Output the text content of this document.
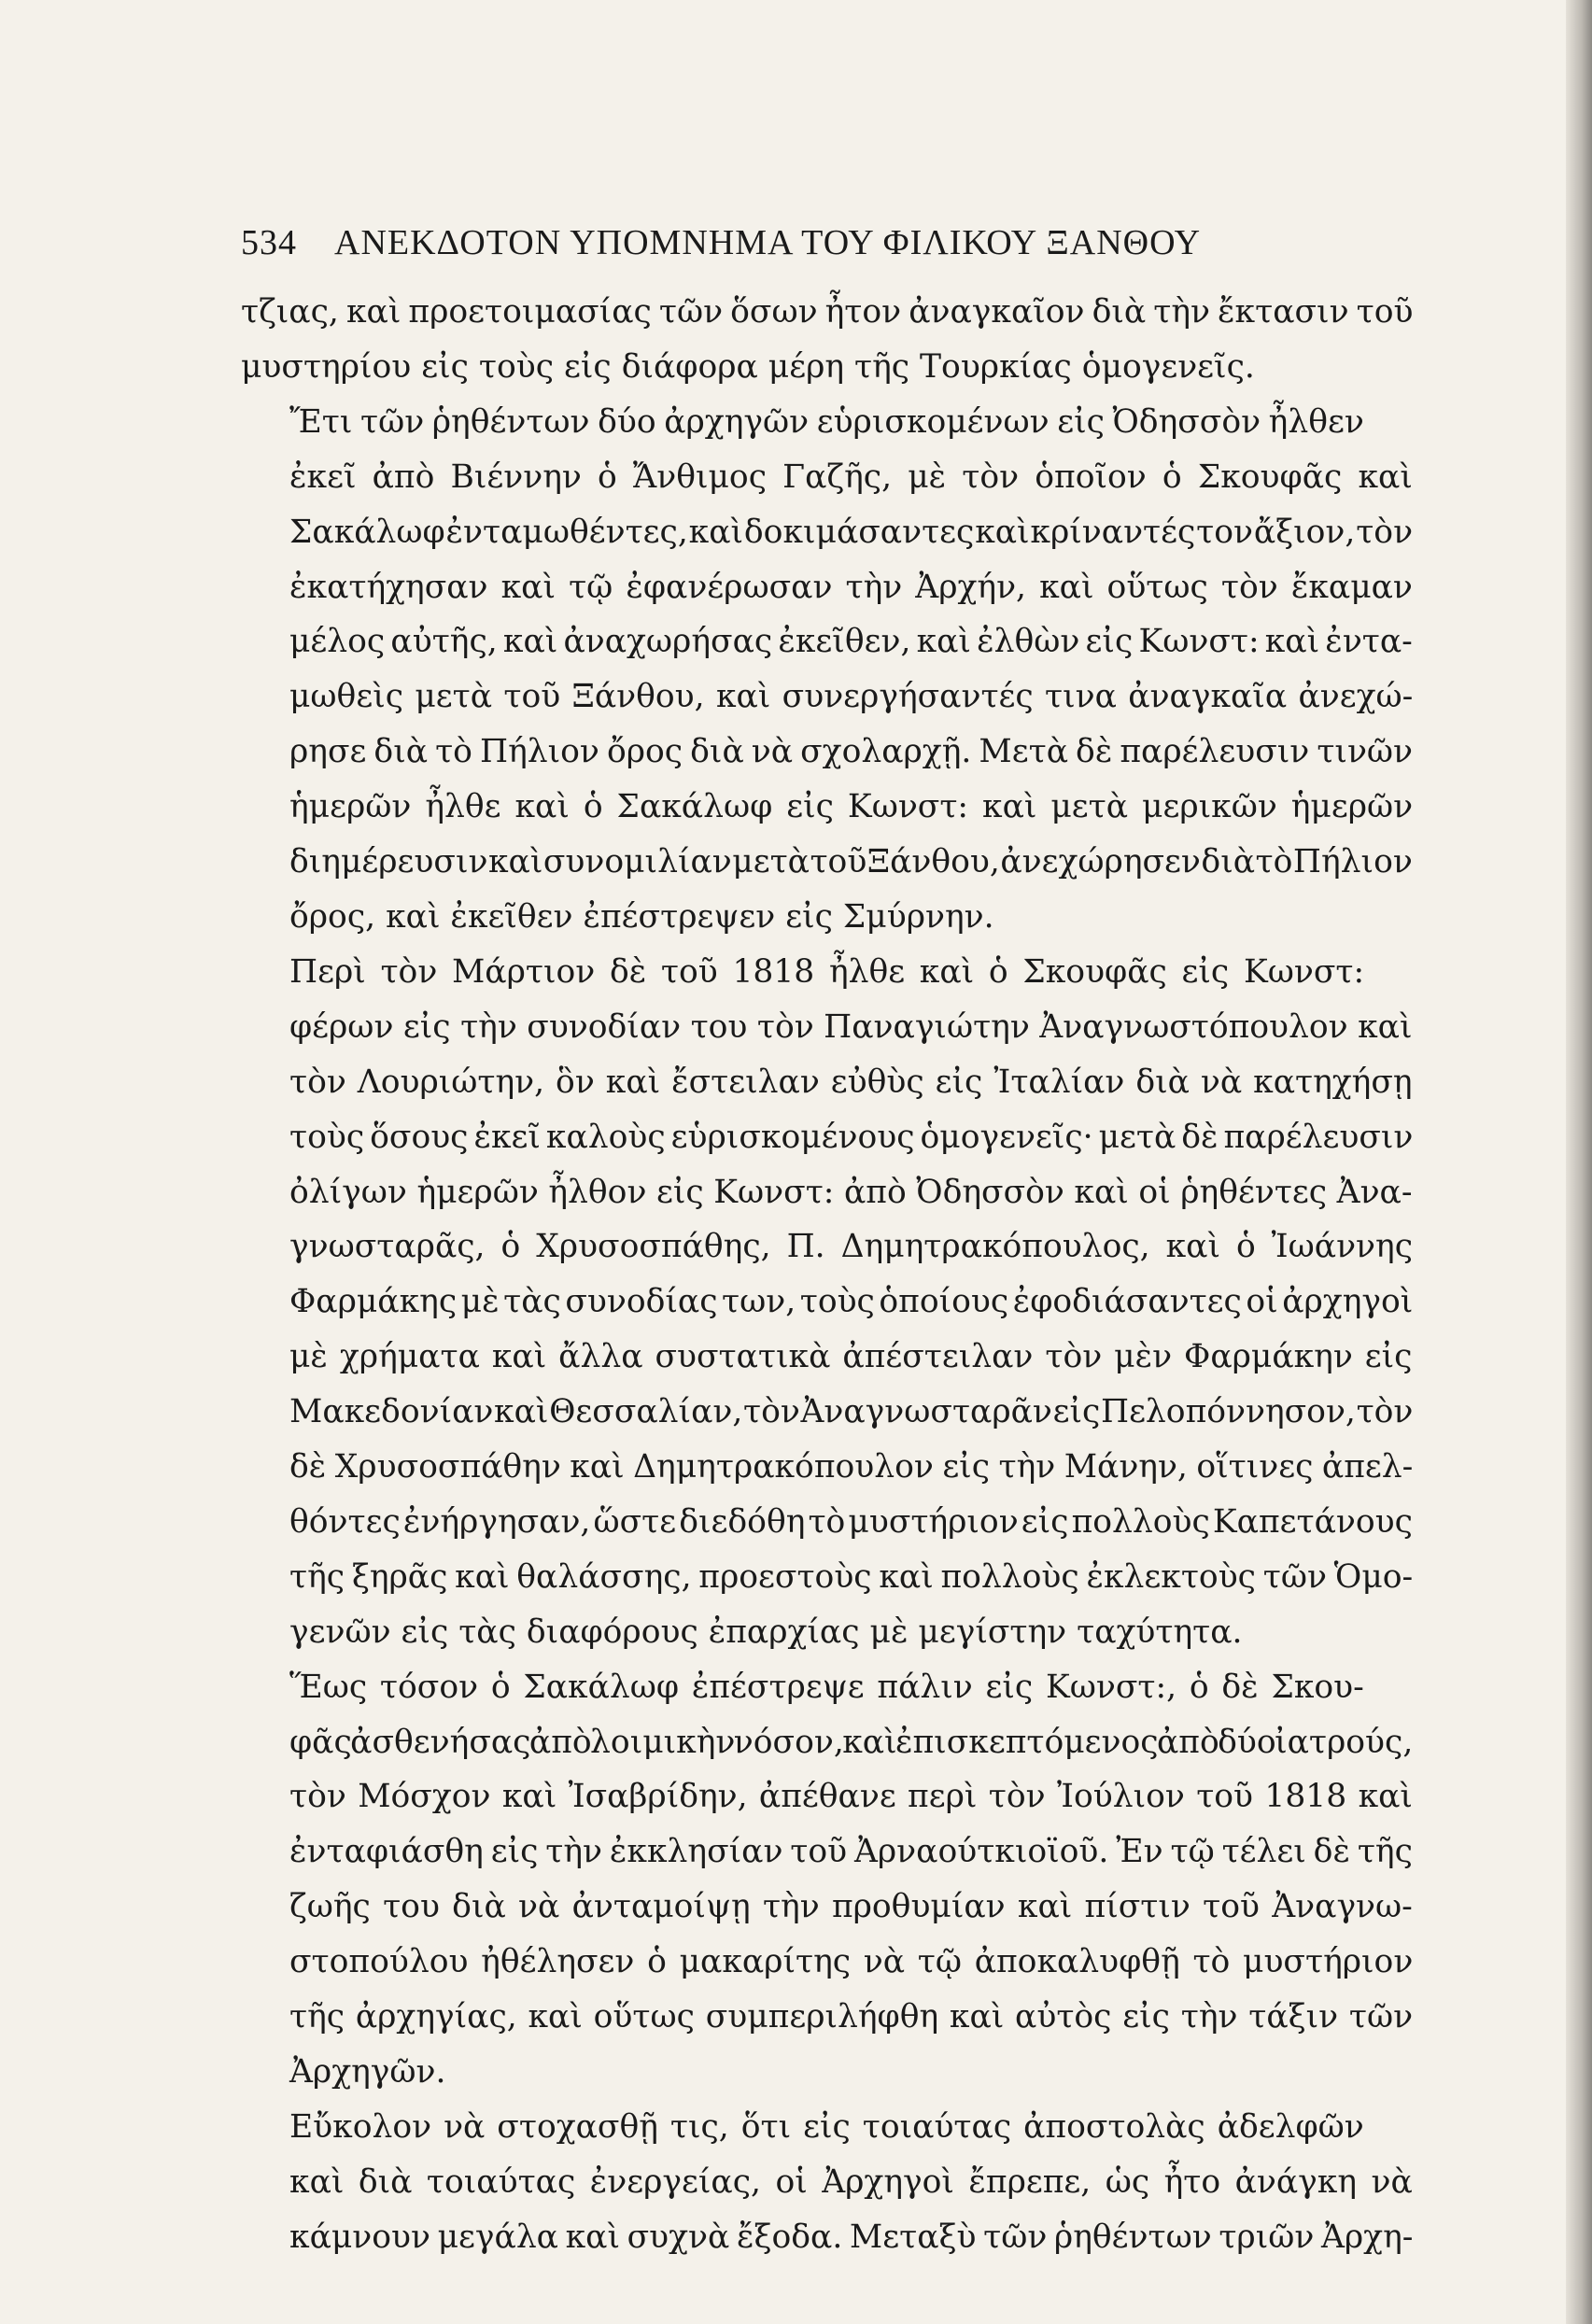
534 ΑΝΕΚΔΟΤΟΝ ΥΠΟΜΝΗΜΑ ΤΟΥ ΦΙΛΙΚΟΥ ΞΑΝΘΟΥ

τζιας, καὶ προετοιμασίας τῶν ὅσων ἦτον ἀναγκαῖον διὰ τὴν ἔκτασιν τοῦ
μυστηρίου εἰς τοὺς εἰς διάφορα μέρη τῆς Τουρκίας ὁμογενεῖς.

Ἔτι τῶν ῥηθέντων δύο ἀρχηγῶν εὑρισκομένων εἰς Ὀδησσὸν ἦλθεν
ἐκεῖ ἀπὸ Βιέννην ὁ Ἄνθιμος Γαζῆς, μὲ τὸν ὁποῖον ὁ Σκουφᾶς καὶ
Σακάλωφ ἐνταμωθέντες, καὶ δοκιμάσαντες καὶ κρίναντές τον ἄξιον, τὸν
ἐκατήχησαν καὶ τῷ ἐφανέρωσαν τὴν Ἀρχήν, καὶ οὕτως τὸν ἔκαμαν
μέλος αὐτῆς, καὶ ἀναχωρήσας ἐκεῖθεν, καὶ ἐλθὼν εἰς Κωνστ: καὶ ἐντα-
μωθεὶς μετὰ τοῦ Ξάνθου, καὶ συνεργήσαντές τινα ἀναγκαῖα ἀνεχώ-
ρησε διὰ τὸ Πήλιον ὄρος διὰ νὰ σχολαρχῇ. Μετὰ δὲ παρέλευσιν τινῶν
ἡμερῶν ἦλθε καὶ ὁ Σακάλωφ εἰς Κωνστ: καὶ μετὰ μερικῶν ἡμερῶν
διημέρευσιν καὶ συνομιλίαν μετὰ τοῦ Ξάνθου, ἀνεχώρησεν διὰ τὸ Πήλιον
ὄρος, καὶ ἐκεῖθεν ἐπέστρεψεν εἰς Σμύρνην.

Περὶ τὸν Μάρτιον δὲ τοῦ 1818 ἦλθε καὶ ὁ Σκουφᾶς εἰς Κωνστ:
φέρων εἰς τὴν συνοδίαν του τὸν Παναγιώτην Ἀναγνωστόπουλον καὶ
τὸν Λουριώτην, ὃν καὶ ἔστειλαν εὐθὺς εἰς Ἰταλίαν διὰ νὰ κατηχήσῃ
τοὺς ὅσους ἐκεῖ καλοὺς εὑρισκομένους ὁμογενεῖς· μετὰ δὲ παρέλευσιν
ὀλίγων ἡμερῶν ἦλθον εἰς Κωνστ: ἀπὸ Ὀδησσὸν καὶ οἱ ῥηθέντες Ἀνα-
γνωσταρᾶς, ὁ Χρυσοσπάθης, Π. Δημητρακόπουλος, καὶ ὁ Ἰωάννης
Φαρμάκης μὲ τὰς συνοδίας των, τοὺς ὁποίους ἐφοδιάσαντες οἱ ἀρχηγοὶ
μὲ χρήματα καὶ ἄλλα συστατικὰ ἀπέστειλαν τὸν μὲν Φαρμάκην εἰς
Μακεδονίαν καὶ Θεσσαλίαν, τὸν Ἀναγνωσταρᾶν εἰς Πελοπόννησον, τὸν
δὲ Χρυσοσπάθην καὶ Δημητρακόπουλον εἰς τὴν Μάνην, οἵτινες ἀπελ-
θόντες ἐνήργησαν, ὥστε διεδόθη τὸ μυστήριον εἰς πολλοὺς Καπετάνους
τῆς ξηρᾶς καὶ θαλάσσης, προεστοὺς καὶ πολλοὺς ἐκλεκτοὺς τῶν Ὁμο-
γενῶν εἰς τὰς διαφόρους ἐπαρχίας μὲ μεγίστην ταχύτητα.

Ἕως τόσον ὁ Σακάλωφ ἐπέστρεψε πάλιν εἰς Κωνστ:, ὁ δὲ Σκου-
φᾶς ἀσθενήσας ἀπὸ λοιμικὴν νόσον, καὶ ἐπισκεπτόμενος ἀπὸ δύο ἰατρούς,
τὸν Μόσχον καὶ Ἰσαβρίδην, ἀπέθανε περὶ τὸν Ἰούλιον τοῦ 1818 καὶ
ἐνταφιάσθη εἰς τὴν ἐκκλησίαν τοῦ Ἀρναούτκιοϊοῦ. Ἐν τῷ τέλει δὲ τῆς
ζωῆς του διὰ νὰ ἀνταμοίψῃ τὴν προθυμίαν καὶ πίστιν τοῦ Ἀναγνω-
στοπούλου ἠθέλησεν ὁ μακαρίτης νὰ τῷ ἀποκαλυφθῇ τὸ μυστήριον
τῆς ἀρχηγίας, καὶ οὕτως συμπεριλήφθη καὶ αὐτὸς εἰς τὴν τάξιν τῶν
Ἀρχηγῶν.

Εὔκολον νὰ στοχασθῇ τις, ὅτι εἰς τοιαύτας ἀποστολὰς ἀδελφῶν
καὶ διὰ τοιαύτας ἐνεργείας, οἱ Ἀρχηγοὶ ἔπρεπε, ὡς ἦτο ἀνάγκη νὰ
κάμνουν μεγάλα καὶ συχνὰ ἔξοδα. Μεταξὺ τῶν ῥηθέντων τριῶν Ἀρχη-
